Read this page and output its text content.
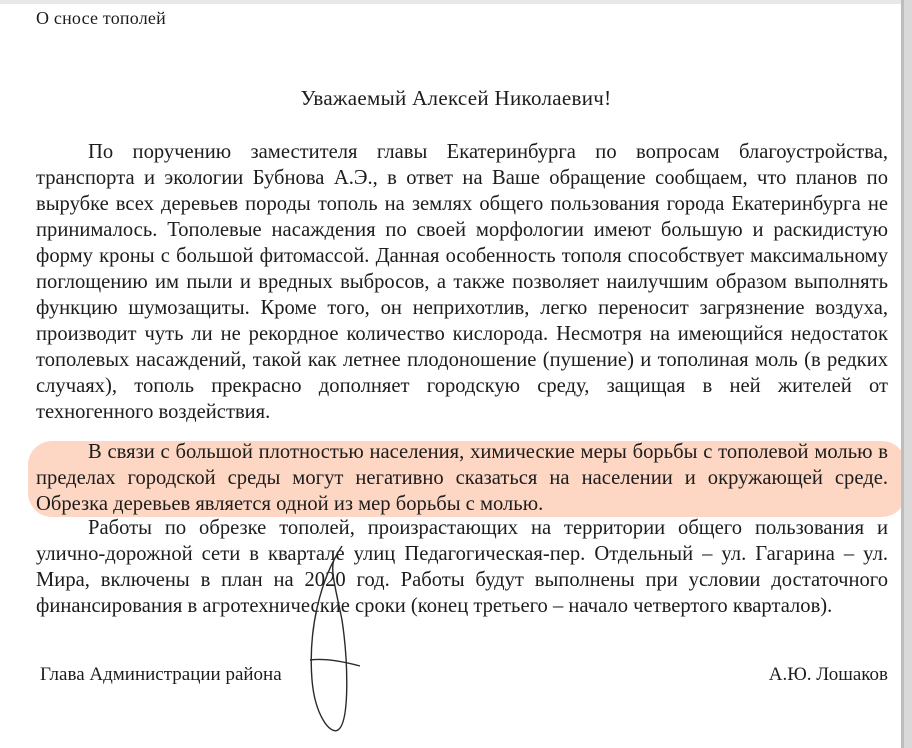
О сносе тополей
Уважаемый Алексей Николаевич!

По поручению заместителя главы Екатеринбурга по вопросам благоустройства, транспорта и экологии Бубнова А.Э., в ответ на Ваше обращение сообщаем, что планов по вырубке всех деревьев породы тополь на землях общего пользования города Екатеринбурга не принималось. Тополевые насаждения по своей морфологии имеют большую и раскидистую форму кроны с большой фитомассой. Данная особенность тополя способствует максимальному поглощению им пыли и вредных выбросов, а также позволяет наилучшим образом выполнять функцию шумозащиты. Кроме того, он неприхотлив, легко переносит загрязнение воздуха, производит чуть ли не рекордное количество кислорода. Несмотря на имеющийся недостаток тополевых насаждений, такой как летнее плодоношение (пушение) и тополиная моль (в редких случаях), тополь прекрасно дополняет городскую среду, защищая в ней жителей от техногенного воздействия.

В связи с большой плотностью населения, химические меры борьбы с тополевой молью в пределах городской среды могут негативно сказаться на населении и окружающей среде. Обрезка деревьев является одной из мер борьбы с молью.

Работы по обрезке тополей, произрастающих на территории общего пользования и улично-дорожной сети в квартале улиц Педагогическая-пер. Отдельный – ул. Гагарина – ул. Мира, включены в план на 2020 год. Работы будут выполнены при условии достаточного финансирования в агротехнические сроки (конец третьего – начало четвертого кварталов).

Глава Администрации района	А.Ю. Лошаков
